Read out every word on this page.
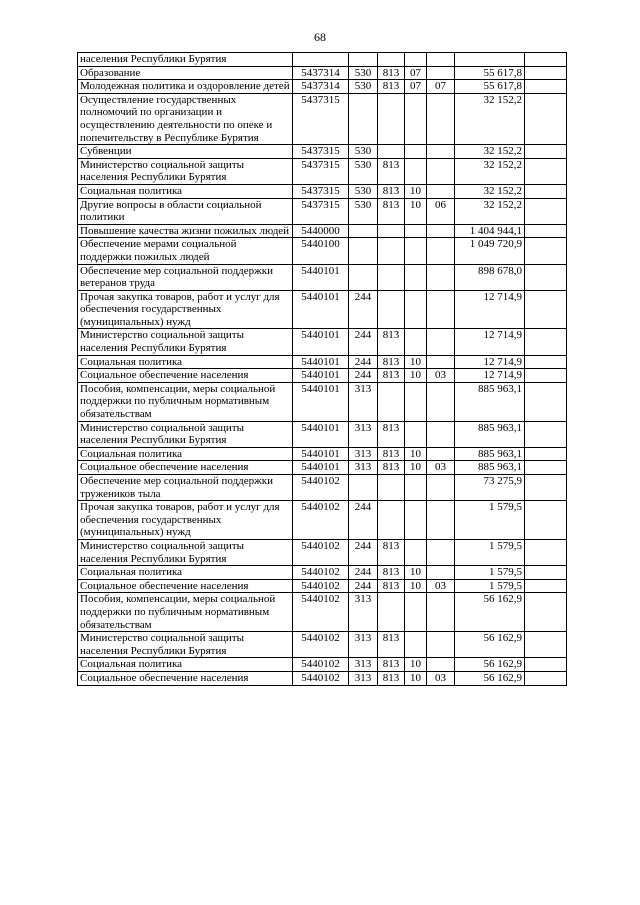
68
населения Республики Бурятия							
Образование	5437314	530	813	07		55 617,8	
Молодежная политика и оздоровление детей	5437314	530	813	07	07	55 617,8	
Осуществление государственных полномочий по организации и осуществлению деятельности по опеке и попечительству в Республике Бурятия	5437315					32 152,2	
Субвенции	5437315	530				32 152,2	
Министерство социальной защиты населения Республики Бурятия	5437315	530	813			32 152,2	
Социальная политика	5437315	530	813	10		32 152,2	
Другие вопросы в области социальной политики	5437315	530	813	10	06	32 152,2	
Повышение качества жизни пожилых людей	5440000					1 404 944,1	
Обеспечение мерами социальной поддержки пожилых людей	5440100					1 049 720,9	
Обеспечение мер социальной поддержки ветеранов труда	5440101					898 678,0	
Прочая закупка товаров, работ и услуг для обеспечения государственных (муниципальных) нужд	5440101	244				12 714,9	
Министерство социальной защиты населения Республики Бурятия	5440101	244	813			12 714,9	
Социальная политика	5440101	244	813	10		12 714,9	
Социальное обеспечение населения	5440101	244	813	10	03	12 714,9	
Пособия, компенсации, меры социальной поддержки по публичным нормативным обязательствам	5440101	313				885 963,1	
Министерство социальной защиты населения Республики Бурятия	5440101	313	813			885 963,1	
Социальная политика	5440101	313	813	10		885 963,1	
Социальное обеспечение населения	5440101	313	813	10	03	885 963,1	
Обеспечение мер социальной поддержки тружеников тыла	5440102					73 275,9	
Прочая закупка товаров, работ и услуг для обеспечения государственных (муниципальных) нужд	5440102	244				1 579,5	
Министерство социальной защиты населения Республики Бурятия	5440102	244	813			1 579,5	
Социальная политика	5440102	244	813	10		1 579,5	
Социальное обеспечение населения	5440102	244	813	10	03	1 579,5	
Пособия, компенсации, меры социальной поддержки по публичным нормативным обязательствам	5440102	313				56 162,9	
Министерство социальной защиты населения Республики Бурятия	5440102	313	813			56 162,9	
Социальная политика	5440102	313	813	10		56 162,9	
Социальное обеспечение населения	5440102	313	813	10	03	56 162,9	
